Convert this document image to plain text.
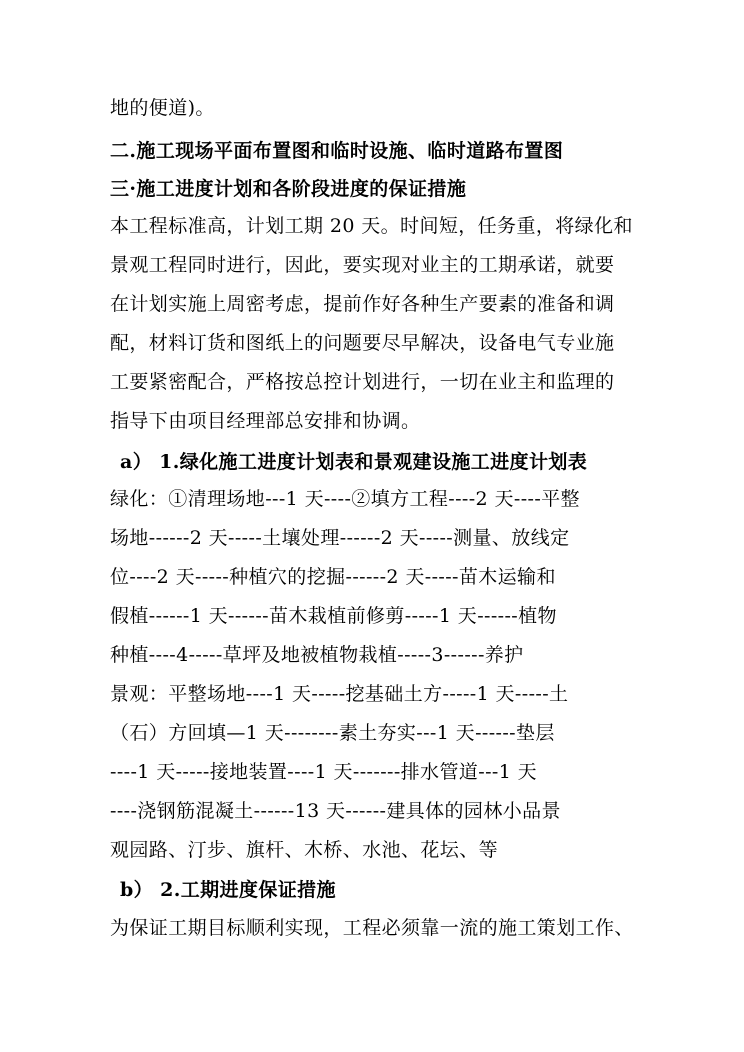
地的便道)。
二.施工现场平面布置图和临时设施、临时道路布置图
三·施工进度计划和各阶段进度的保证措施
本工程标准高，计划工期 20 天。时间短，任务重，将绿化和
景观工程同时进行，因此，要实现对业主的工期承诺，就要
在计划实施上周密考虑，提前作好各种生产要素的准备和调
配，材料订货和图纸上的问题要尽早解决，设备电气专业施
工要紧密配合，严格按总控计划进行，一切在业主和监理的
指导下由项目经理部总安排和协调。
a） 1.绿化施工进度计划表和景观建设施工进度计划表
绿化：①清理场地---1 天----②填方工程----2 天----平整
场地------2 天-----土壤处理------2 天-----测量、放线定
位----2 天-----种植穴的挖掘------2 天-----苗木运输和
假植------1 天------苗木栽植前修剪-----1 天------植物
种植----4-----草坪及地被植物栽植-----3------养护
景观：平整场地----1 天-----挖基础土方-----1 天-----土
（石）方回填—1 天--------素土夯实---1 天------垫层
----1 天-----接地装置----1 天-------排水管道---1 天
----浇钢筋混凝土------13 天------建具体的园林小品景
观园路、汀步、旗杆、木桥、水池、花坛、等
b） 2.工期进度保证措施
为保证工期目标顺利实现，工程必须靠一流的施工策划工作、
